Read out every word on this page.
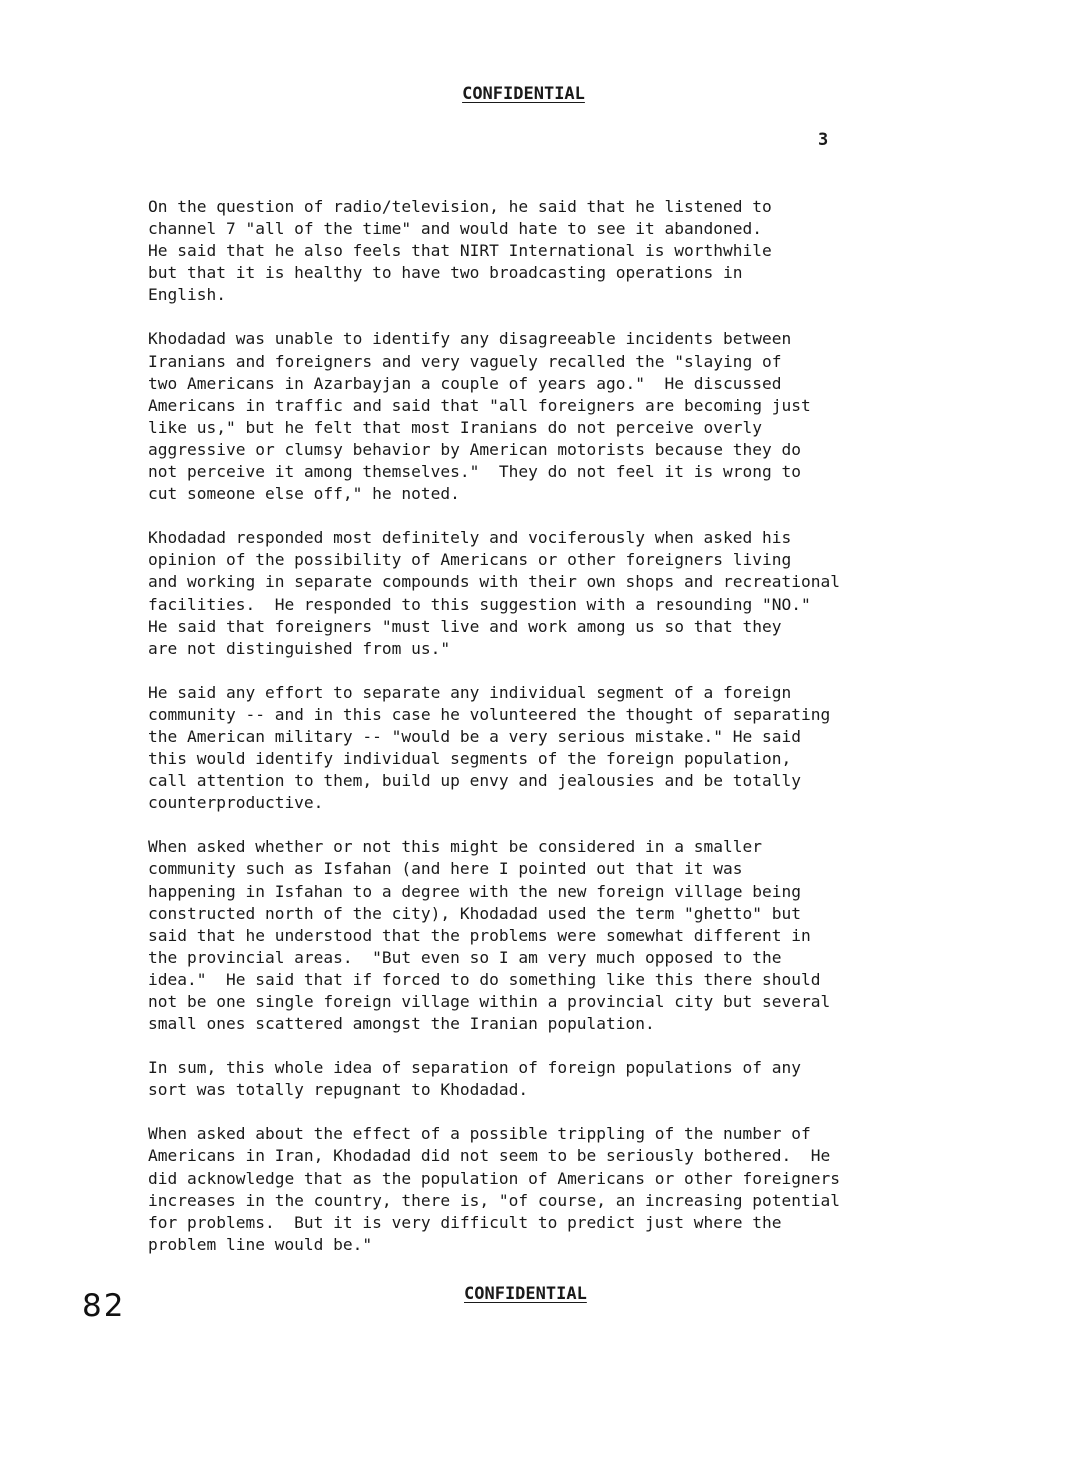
CONFIDENTIAL
3
On the question of radio/television, he said that he listened to
channel 7 "all of the time" and would hate to see it abandoned.
He said that he also feels that NIRT International is worthwhile
but that it is healthy to have two broadcasting operations in
English.
Khodadad was unable to identify any disagreeable incidents between
Iranians and foreigners and very vaguely recalled the "slaying of
two Americans in Azarbayjan a couple of years ago."  He discussed
Americans in traffic and said that "all foreigners are becoming just
like us," but he felt that most Iranians do not perceive overly
aggressive or clumsy behavior by American motorists because they do
not perceive it among themselves."  They do not feel it is wrong to
cut someone else off," he noted.
Khodadad responded most definitely and vociferously when asked his
opinion of the possibility of Americans or other foreigners living
and working in separate compounds with their own shops and recreational
facilities.  He responded to this suggestion with a resounding "NO."
He said that foreigners "must live and work among us so that they
are not distinguished from us."
He said any effort to separate any individual segment of a foreign
community -- and in this case he volunteered the thought of separating
the American military -- "would be a very serious mistake." He said
this would identify individual segments of the foreign population,
call attention to them, build up envy and jealousies and be totally
counterproductive.
When asked whether or not this might be considered in a smaller
community such as Isfahan (and here I pointed out that it was
happening in Isfahan to a degree with the new foreign village being
constructed north of the city), Khodadad used the term "ghetto" but
said that he understood that the problems were somewhat different in
the provincial areas.  "But even so I am very much opposed to the
idea."  He said that if forced to do something like this there should
not be one single foreign village within a provincial city but several
small ones scattered amongst the Iranian population.
In sum, this whole idea of separation of foreign populations of any
sort was totally repugnant to Khodadad.
When asked about the effect of a possible trippling of the number of
Americans in Iran, Khodadad did not seem to be seriously bothered.  He
did acknowledge that as the population of Americans or other foreigners
increases in the country, there is, "of course, an increasing potential
for problems.  But it is very difficult to predict just where the
problem line would be."
CONFIDENTIAL
82
